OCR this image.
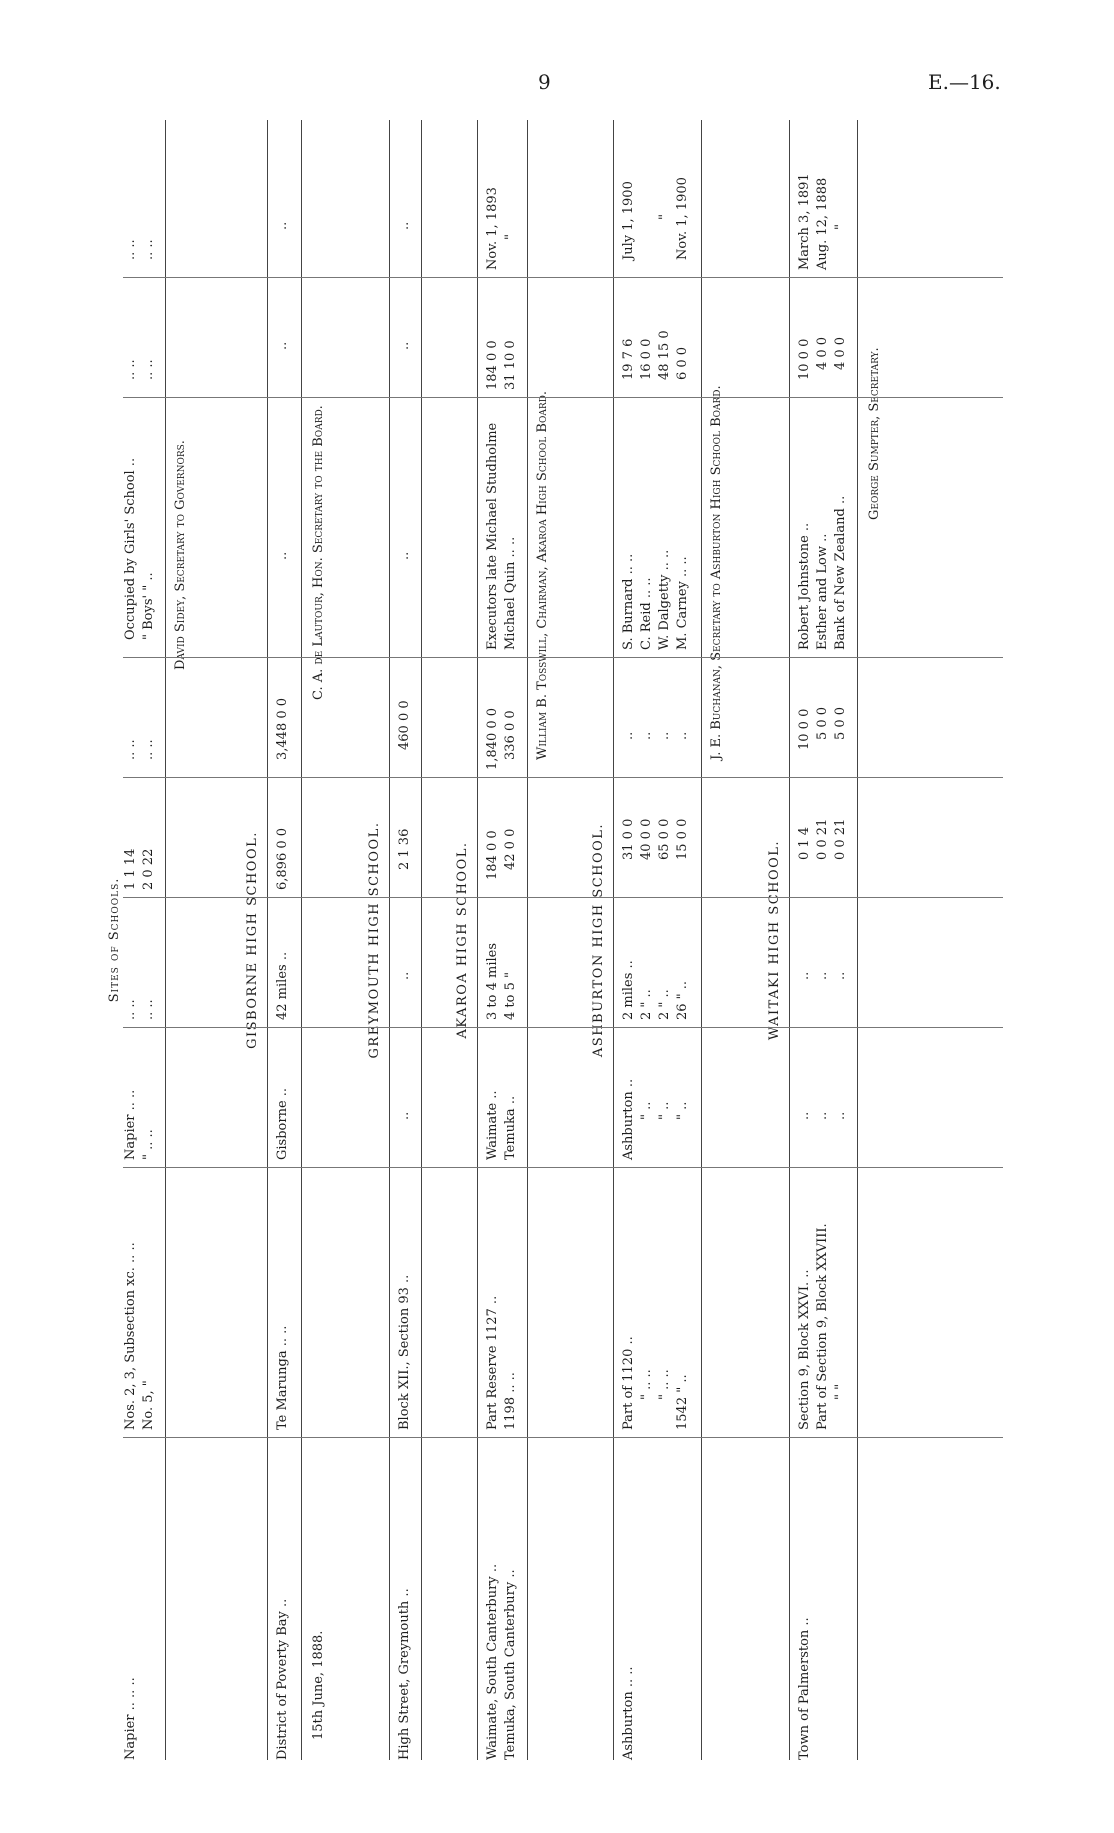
9	E.—16.
Sites of Schools.
Napier .. .. ..
Nos. 2, 3, Subsection xc. .. ..
Napier .. ..
.. ..
1 1 14
.. ..
Occupied by Girls' School ..
.. ..
.. ..
No. 5, "
" .. ..
.. ..
2 0 22
.. ..
" Boys' " ..
.. ..
.. ..
David Sidey, Secretary to Governors.
GISBORNE HIGH SCHOOL.
District of Poverty Bay ..
Te Marunga .. ..
Gisborne ..
42 miles ..
6,896 0 0
3,448 0 0
..
..
..
15th June, 1888.
C. A. de Lautour, Hon. Secretary to the Board.
GREYMOUTH HIGH SCHOOL.
High Street, Greymouth ..
Block XII., Section 93 ..
..
..
2 1 36
460 0 0
..
..
..
AKAROA HIGH SCHOOL.
Waimate, South Canterbury ..
Part Reserve 1127 ..
Waimate ..
3 to 4 miles
184 0 0
1,840 0 0
Executors late Michael Studholme
184 0 0
Nov. 1, 1893
Temuka, South Canterbury ..
1198 .. ..
Temuka ..
4 to 5 "
42 0 0
336 0 0
Michael Quin .. ..
31 10 0
"
William B. Tosswill, Chairman, Akaroa High School Board.
ASHBURTON HIGH SCHOOL.
Ashburton .. ..
Part of 1120 ..
Ashburton ..
2 miles ..
31 0 0
..
S. Burnard .. ..
19 7 6
July 1, 1900
" .. ..
" ..
2 " ..
40 0 0
..
C. Reid .. ..
16 0 0
" .. ..
" ..
2 " ..
65 0 0
..
W. Dalgetty .. ..
48 15 0
"
1542 " ..
" ..
26 " ..
15 0 0
..
M. Carney .. ..
6 0 0
Nov. 1, 1900
J. E. Buchanan, Secretary to Ashburton High School Board.
WAITAKI HIGH SCHOOL.
Town of Palmerston ..
Section 9, Block XXVI. ..
..
..
0 1 4
10 0 0
Robert Johnstone ..
10 0 0
March 3, 1891
Part of Section 9, Block XXVIII.
..
..
0 0 21
5 0 0
Esther and Low ..
4 0 0
Aug. 12, 1888
" "
..
..
0 0 21
5 0 0
Bank of New Zealand ..
4 0 0
"
George Sumpter, Secretary.
